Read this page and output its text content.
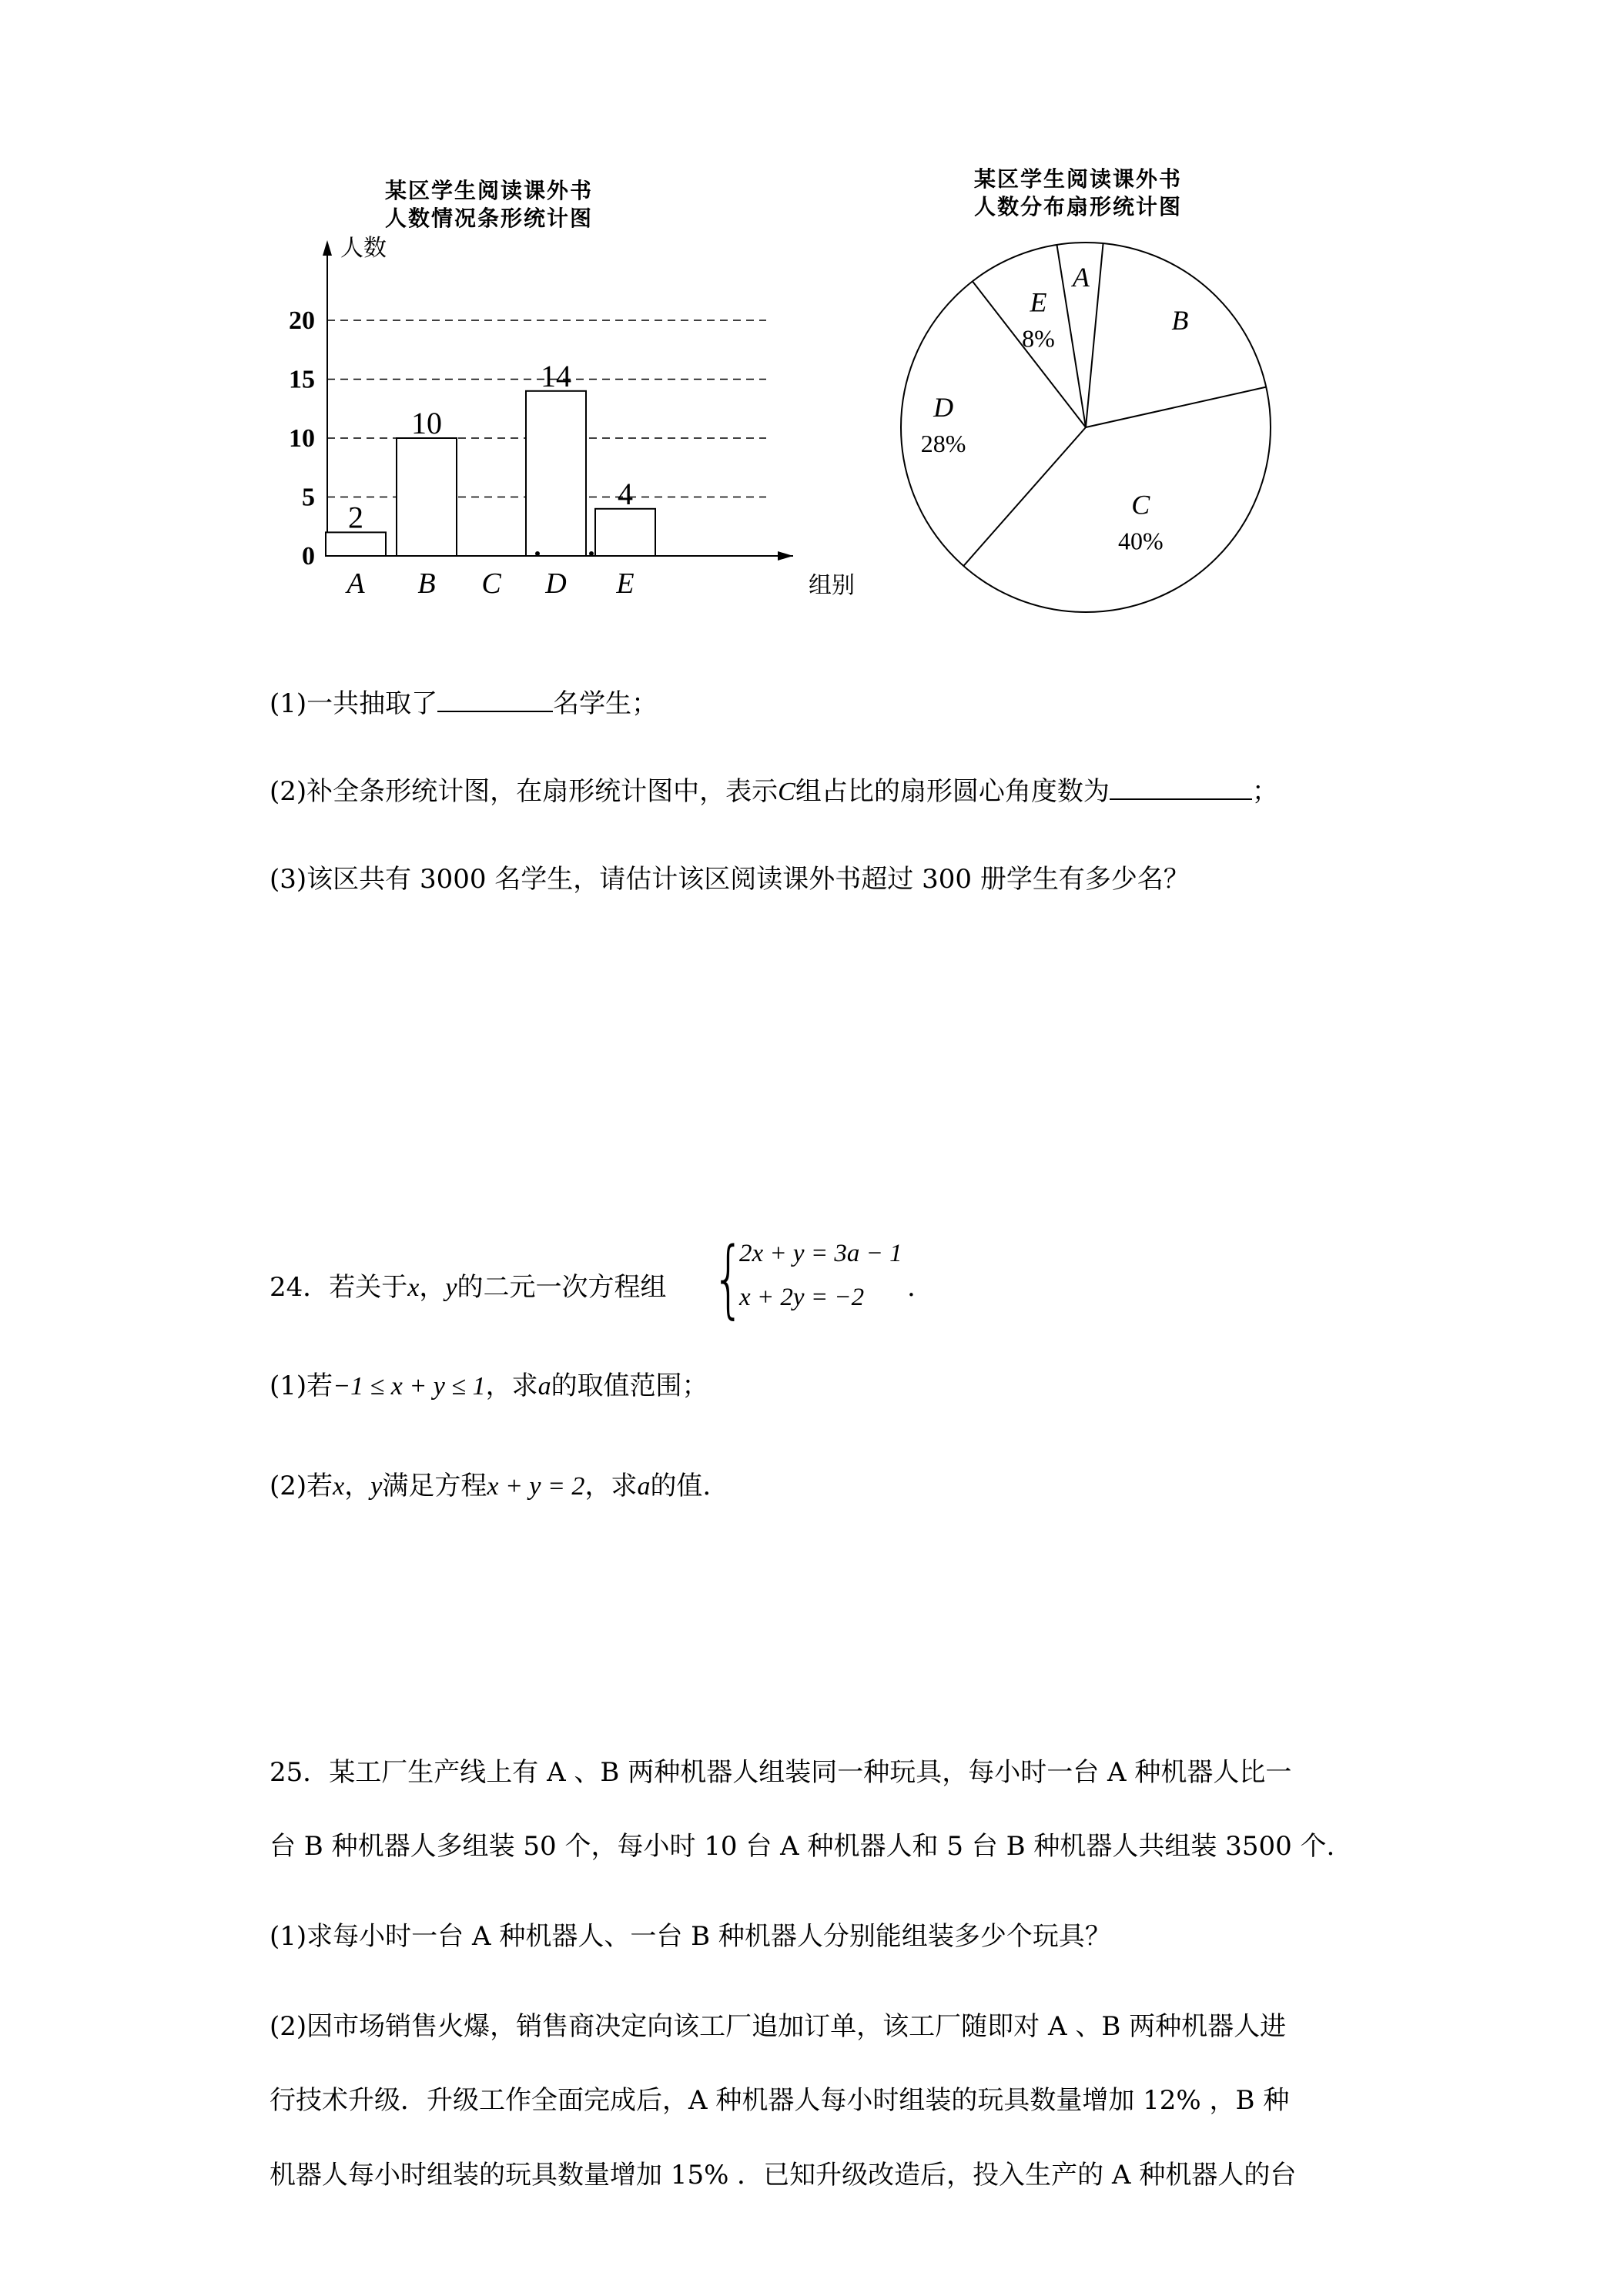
某区学生阅读课外书
人数情况条形统计图
某区学生阅读课外书
人数分布扇形统计图
0
5
10
15
20
2
A
10
B C
14
D
4
E
人数
组别
A
B
C
40%
D
28%
E
8%
(1)一共抽取了	名学生；
(2)补全条形统计图，在扇形统计图中，表示C组占比的扇形圆心角度数为	；
(3)该区共有 3000 名学生，请估计该区阅读课外书超过 300 册学生有多少名？
24．若关于x，y的二元一次方程组 {
2x + y = 3a − 1
x + 2y = −2 .
(1)若−1 ≤ x + y ≤ 1，求a的取值范围；
(2)若x，y满足方程x + y = 2，求a的值.
25．某工厂生产线上有 A 、B 两种机器人组装同一种玩具，每小时一台 A 种机器人比一
台 B 种机器人多组装 50 个，每小时 10 台 A 种机器人和 5 台 B 种机器人共组装 3500 个.
(1)求每小时一台 A 种机器人、一台 B 种机器人分别能组装多少个玩具？
(2)因市场销售火爆，销售商决定向该工厂追加订单，该工厂随即对 A 、B 两种机器人进
行技术升级．升级工作全面完成后，A 种机器人每小时组装的玩具数量增加 12% ，B 种
机器人每小时组装的玩具数量增加 15% ．已知升级改造后，投入生产的 A 种机器人的台
